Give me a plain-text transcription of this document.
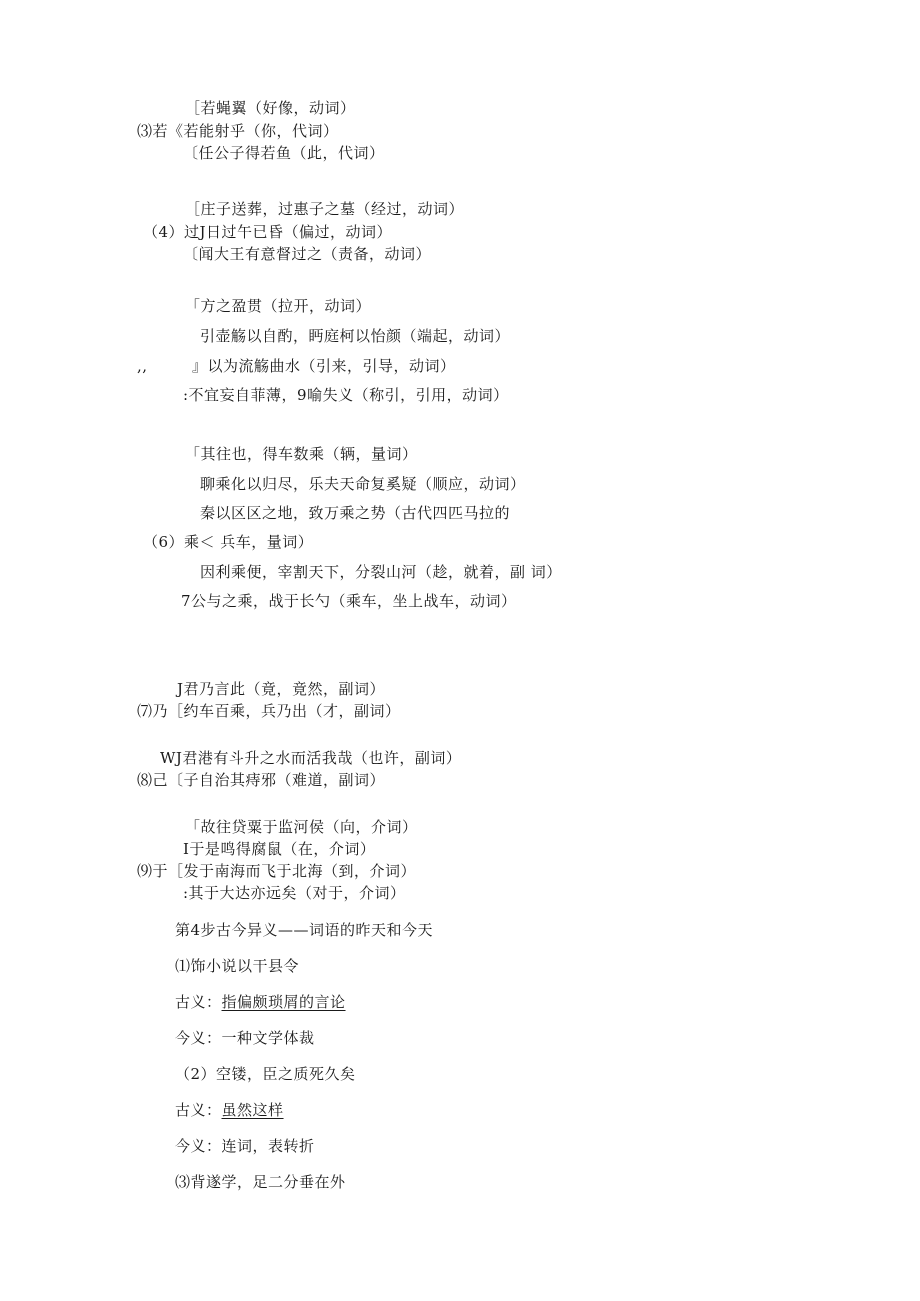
［若蝇翼（好像，动词）
⑶若《若能射乎（你，代词）
〔任公子得若鱼（此，代词）
［庄子送葬，过惠子之墓（经过，动词）
（4）过J日过午已昏（偏过，动词）
〔闻大王有意督过之（责备，动词）
「方之盈贯（拉开，动词）
引壶觞以自酌，眄庭柯以怡颜（端起，动词）
,,	』以为流觞曲水（引来，引导，动词）
:不宜妄自菲薄，9喻失义（称引，引用，动词）
「其往也，得车数乘（辆，量词）
聊乘化以归尽，乐夫天命复奚疑（顺应，动词）
秦以区区之地，致万乘之势（古代四匹马拉的
（6）乘＜ 兵车，量词）
因利乘便，宰割天下，分裂山河（趁，就着，副 词）
7公与之乘，战于长勺（乘车，坐上战车，动词）
J君乃言此（竟，竟然，副词）
⑺乃［约车百乘，兵乃出（才，副词）
WJ君港有斗升之水而活我哉（也许，副词）
⑻己〔子自治其痔邪（难道，副词）
「故往贷粟于监河侯（向，介词）
I于是鸣得腐鼠（在，介词）
⑼于［发于南海而飞于北海（到，介词）
:其于大达亦远矣（对于，介词）
第4步古今异义——词语的昨天和今天
⑴饰小说以干县令
古义：指偏颇琐屑的言论
今义：一种文学体裁
（2）空镂，臣之质死久矣
古义：虽然这样
今义：连词，表转折
⑶背遂学，足二分垂在外
